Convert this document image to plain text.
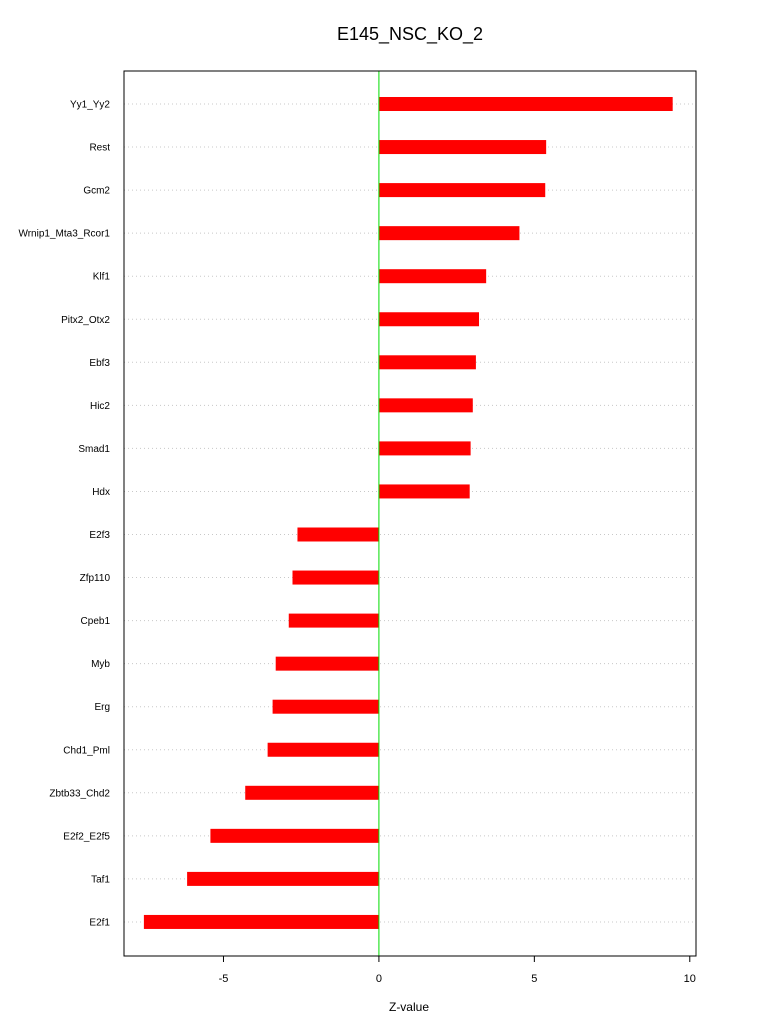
E145_NSC_KO_2
Yy1_Yy2
Rest
Gcm2
Wrnip1_Mta3_Rcor1
Klf1
Pitx2_Otx2
Ebf3
Hic2
Smad1
Hdx
E2f3
Zfp110
Cpeb1
Myb
Erg
Chd1_Pml
Zbtb33_Chd2
E2f2_E2f5
Taf1
E2f1
-5	0	5	10
Z-value
